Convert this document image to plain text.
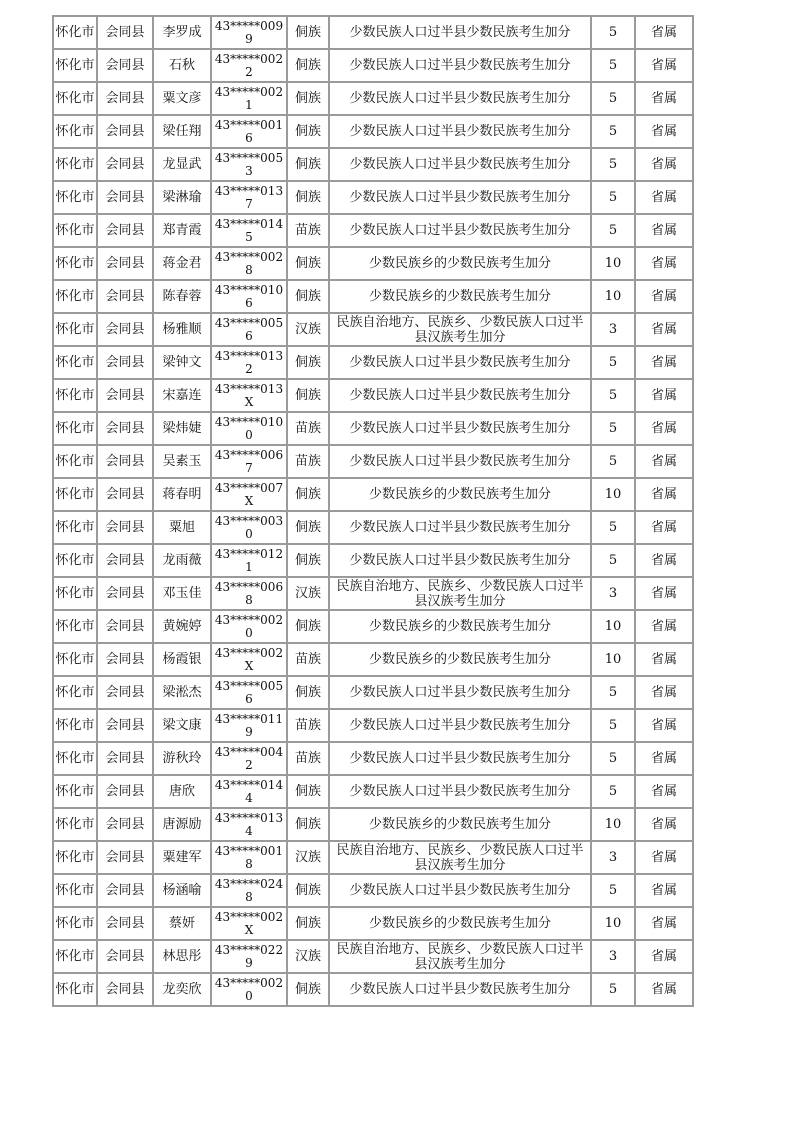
怀化市	会同县	李罗成	43*****0099	侗族	少数民族人口过半县少数民族考生加分	5	省属

怀化市	会同县	石秋	43*****0022	侗族	少数民族人口过半县少数民族考生加分	5	省属

怀化市	会同县	粟文彦	43*****0021	侗族	少数民族人口过半县少数民族考生加分	5	省属

怀化市	会同县	梁任翔	43*****0016	侗族	少数民族人口过半县少数民族考生加分	5	省属

怀化市	会同县	龙显武	43*****0053	侗族	少数民族人口过半县少数民族考生加分	5	省属

怀化市	会同县	梁淋瑜	43*****0137	侗族	少数民族人口过半县少数民族考生加分	5	省属

怀化市	会同县	郑青霞	43*****0145	苗族	少数民族人口过半县少数民族考生加分	5	省属

怀化市	会同县	蒋金君	43*****0028	侗族	少数民族乡的少数民族考生加分	10	省属

怀化市	会同县	陈春蓉	43*****0106	侗族	少数民族乡的少数民族考生加分	10	省属

怀化市	会同县	杨雅顺	43*****0056	汉族	民族自治地方、民族乡、少数民族人口过半县汉族考生加分	3	省属

怀化市	会同县	梁钟文	43*****0132	侗族	少数民族人口过半县少数民族考生加分	5	省属

怀化市	会同县	宋嘉连	43*****013X	侗族	少数民族人口过半县少数民族考生加分	5	省属

怀化市	会同县	梁炜婕	43*****0100	苗族	少数民族人口过半县少数民族考生加分	5	省属

怀化市	会同县	吴素玉	43*****0067	苗族	少数民族人口过半县少数民族考生加分	5	省属

怀化市	会同县	蒋春明	43*****007X	侗族	少数民族乡的少数民族考生加分	10	省属

怀化市	会同县	粟旭	43*****0030	侗族	少数民族人口过半县少数民族考生加分	5	省属

怀化市	会同县	龙雨薇	43*****0121	侗族	少数民族人口过半县少数民族考生加分	5	省属

怀化市	会同县	邓玉佳	43*****0068	汉族	民族自治地方、民族乡、少数民族人口过半县汉族考生加分	3	省属

怀化市	会同县	黄婉婷	43*****0020	侗族	少数民族乡的少数民族考生加分	10	省属

怀化市	会同县	杨霞银	43*****002X	苗族	少数民族乡的少数民族考生加分	10	省属

怀化市	会同县	梁淞杰	43*****0056	侗族	少数民族人口过半县少数民族考生加分	5	省属

怀化市	会同县	梁文康	43*****0119	苗族	少数民族人口过半县少数民族考生加分	5	省属

怀化市	会同县	游秋玲	43*****0042	苗族	少数民族人口过半县少数民族考生加分	5	省属

怀化市	会同县	唐欣	43*****0144	侗族	少数民族人口过半县少数民族考生加分	5	省属

怀化市	会同县	唐源励	43*****0134	侗族	少数民族乡的少数民族考生加分	10	省属

怀化市	会同县	粟建军	43*****0018	汉族	民族自治地方、民族乡、少数民族人口过半县汉族考生加分	3	省属

怀化市	会同县	杨涵喻	43*****0248	侗族	少数民族人口过半县少数民族考生加分	5	省属

怀化市	会同县	蔡妍	43*****002X	侗族	少数民族乡的少数民族考生加分	10	省属

怀化市	会同县	林思彤	43*****0229	汉族	民族自治地方、民族乡、少数民族人口过半县汉族考生加分	3	省属

怀化市	会同县	龙奕欣	43*****0020	侗族	少数民族人口过半县少数民族考生加分	5	省属
